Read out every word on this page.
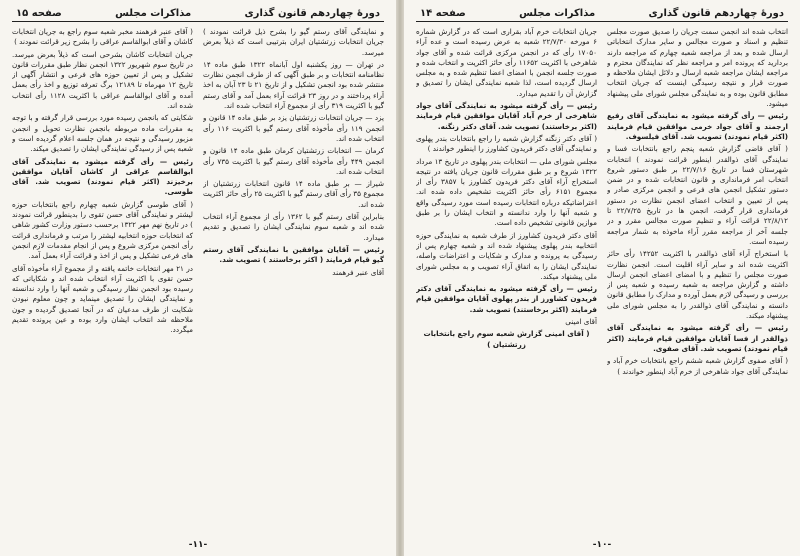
دورۀ چهاردهم قانون گذاری
مذاکرات مجلس
صفحه ۱۵

و نمایندگی آقای رستم گیو را بشرح ذیل قرائت نمودند ) جریان انتخابات زرتشتیان ایران بترتیبی است که ذیلاً بعرض میرسد.

در تهران — روز یکشنبه اول آبانماه ۱۳۲۲ طبق ماده ۱۴ نظامنامه انتخابات و بر طبق آگهی که از طرف انجمن نظارت منتشر شده بود انجمن تشکیل و از تاریخ ۲۱ تا ۲۳ آبان به اخذ آراء پرداختند و در روز ۲۳ قرائت آراء بعمل آمد و آقای رستم گیو با اکثریت ۳۱۹ رأی از مجموع آراء انتخاب شده اند.

یزد — جریان انتخابات زرتشتیان یزد بر طبق ماده ۱۴ قانون و انجمن ۱۱۹ رأی مأخوذه آقای رستم گیو با اکثریت ۱۱۶ رأی انتخاب شده اند.

کرمان — انتخابات زرتشتیان کرمان طبق ماده ۱۴ قانون و انجمن ۴۴۹ رأی مأخوذه آقای رستم گیو با اکثریت ۷۳۵ رأی انتخاب شده اند.

شیراز — بر طبق ماده ۱۴ قانون انتخابات زرتشتیان از مجموع ۳۵ رأی آقای رستم گیو با اکثریت ۲۵ رأی حائز اکثریت شده اند.

بنابراین آقای رستم گیو با ۱۳۶۲ رأی از مجموع آراء انتخاب شده اند و شعبه سوم نمایندگی ایشان را تصدیق و تقدیم میدارد.

رئیس — آقایان موافقین با نمایندگی آقای رستم گیو قیام فرمایند ( اکثر برخاستند ) تصویب شد.

آقای عنبر فرهمند

( آقای عنبر فرهمند مخبر شعبه سوم راجع به جریان انتخابات کاشان و آقای ابوالقاسم عراقی را بشرح زیر قرائت نمودند )

جریان انتخابات کاشان بشرحی است که ذیلاً بعرض میرسد. در تاریخ سوم شهریور ۱۳۲۲ انجمن نظار طبق مقررات قانون تشکیل و پس از تعیین حوزه های فرعی و انتشار آگهی از تاریخ ۱۲ مهرماه تا ۱۲۱۸۹ برگ تعرفه توزیع و اخذ رأی بعمل آمده و آقای ابوالقاسم عراقی با اکثریت ۱۱۲۸ رأی انتخاب شده اند.

شکایتی که بانجمن رسیده مورد بررسی قرار گرفته و با توجه به مقررات ماده مربوطه بانجمن نظارت تحویل و انجمن مزبور رسیدگی و نتیجه در همان جلسه اعلام گردیده است و شعبه پس از رسیدگی نمایندگی ایشان را تصدیق میکند.

رئیس — رأی گرفته میشود به نمایندگی آقای ابوالقاسم عراقی از کاشان آقایان موافقین برخیزند (اکثر قیام نمودند) تصویب شد. آقای طوسی.

( آقای طوسی گزارش شعبه چهارم راجع بانتخابات حوزه لیشتر و نمایندگی آقای حسن تقوی را بدینطور قرائت نمودند ) در تاریخ نهم مهر ۱۳۲۲ برحسب دستور وزارت کشور شاهی که انتخابات حوزه انتخابیه لیشتر را مرتب و فرمانداری قرائت رأی انجمن مرکزی شروع و پس از انجام مقدمات لازم انجمن های فرعی تشکیل و پس از اخذ و قرائت آراء بعمل آمد.

در ۲۱ مهر انتخابات خاتمه یافته و از مجموع آراء مأخوذه آقای حسن تقوی با اکثریت آراء انتخاب شده اند و شکایاتی که رسیده بود انجمن نظار رسیدگی و شعبه آنها را وارد ندانسته و نمایندگی ایشان را تصدیق مینماید و چون معلوم نبودن شکایت از طرف مدعیان که در آنجا تصدیق گردیده و جون ملاحظه شد انتخاب ایشان وارد بوده و عین پرونده تقدیم میگردد.

-۱۱-
دورۀ چهاردهم قانون گذاری
مذاکرات مجلس
صفحه ۱۴

انتخاب شده اند انجمن سمت جریان را صدیق صورت مجلس تنظیم و اسناد و صورت مجالس و سایر مدارک انتخاباتی ارسال شده و بعد از مراجعه شعبه چهارم که مراجعه دارند بردارید که پرونده امر و مراجعه نظر که نمایندگان محترم و مراجعه ایشان مراجعه شعبه ارسال و دلائل ایشان ملاحظه و صورت قرار و نتیجه رسیدگی اینست که جریان انتخاب مطابق قانون بوده و به نمایندگی مجلس شورای ملی پیشنهاد میشود.

رئیس — رأی گرفته میشود به نمایندگی آقای رفیع ارجمند و آقای جواد خرمی موافقین قیام فرمایند (اکثر قیام نمودند) تصویب شد. آقای فیلسوف.

( آقای قاضی گزارش شعبه پنجم راجع بانتخابات فسا و نمایندگی آقای ذوالقدر اینطور قرائت نمودند ) انتخابات شهرستان فسا در تاریخ ۲۲/۷/۱۶ بر طبق دستور شروع انتخاب امر فرمانداری و قانون انتخابات شده و در ضمن دستور تشکیل انجمن های فرعی و انجمن مرکزی صادر و پس از تعیین و انتخاب اعضای انجمن نظارت در دستور فرمانداری قرار گرفت، انجمن ها در تاریخ ۲۲/۷/۲۵ تا ۲۲/۸/۱۲ قرائت آراء و تنظیم صورت مجالس مقرر و در جلسه آخر از مراجعه مقرر آراء ماخوذه به شمار مراجعه رسیده است.

با استخراج آراء آقای ذوالقدر با اکثریت ۱۴۲۵۲ رأی حائز اکثریت شده اند و سایر آراء اقلیت است. انجمن نظارت صورت مجلس را تنظیم و با امضای اعضای انجمن ارسال داشته و گزارش مراجعه به شعبه رسیده و شعبه پس از بررسی و رسیدگی لازم بعمل آورده و مدارک را مطابق قانون دانسته و نمایندگی آقای ذوالقدر را به مجلس شورای ملی پیشنهاد میکند.

رئیس — رأی گرفته میشود به نمایندگی آقای ذوالقدر از فسا آقایان موافقین قیام فرمایند (اکثر قیام نمودند) تصویب شد. آقای صفوی.

( آقای صفوی گزارش شعبه ششم راجع بانتخابات خرم آباد و نمایندگی آقای جواد شاهرخی از خرم آباد اینطور خواندند )

جریان انتخابات خرم آباد بقراری است که در گزارش شماره ۶ مورخه ۲۲/۷/۳۰ شعبه به عرض رسیده است و عده آراء ۱۷۰۵۰ رأی که در انجمن مرکزی قرائت شده و آقای جواد شاهرخی با اکثریت ۱۱۶۵۲ رأی حائز اکثریت و انتخاب شده و صورت جلسه انجمن با امضای اعضا تنظیم شده و به مجلس ارسال گردیده است، لذا شعبه نمایندگی ایشان را تصدیق و گزارش آن را تقدیم میدارد.

رئیس — رأی گرفته میشود به نمایندگی آقای جواد شاهرخی از خرم آباد آقایان موافقین قیام فرمایند (اکثر برخاستند) تصویب شد. آقای دکتر زنگنه.

( آقای دکتر زنگنه گزارش شعبه را راجع بانتخابات بندر پهلوی و نمایندگی آقای دکتر فریدون کشاورز را اینطور خواندند )

مجلس شورای ملی — انتخابات بندر پهلوی در تاریخ ۱۳ مرداد ۱۳۲۲ شروع و بر طبق مقررات قانون جریان یافته در نتیجه استخراج آراء آقای دکتر فریدون کشاورز با ۳۸۵۷ رأی از مجموع ۶۱۵۱ رأی حائز اکثریت تشخیص داده شده اند. اعتراضاتیکه درباره انتخابات رسیده است مورد رسیدگی واقع و شعبه آنها را وارد ندانسته و انتخاب ایشان را بر طبق موازین قانونی تشخیص داده است.

آقای دکتر فریدون کشاورز از طرف شعبه به نمایندگی حوزه انتخابیه بندر پهلوی پیشنهاد شده اند و شعبه چهارم پس از رسیدگی به پرونده و مدارک و شکایات و اعتراضات واصله، نمایندگی ایشان را به اتفاق آراء تصویب و به مجلس شورای ملی پیشنهاد میکند.

رئیس — رأی گرفته میشود به نمایندگی آقای دکتر فریدون کشاورز از بندر پهلوی آقایان موافقین قیام فرمایند (اکثر برخاستند) تصویب شد.

آقای امینی

( آقای امینی گزارش شعبه سوم راجع بانتخابات زرتشتیان )

-۱۰-
